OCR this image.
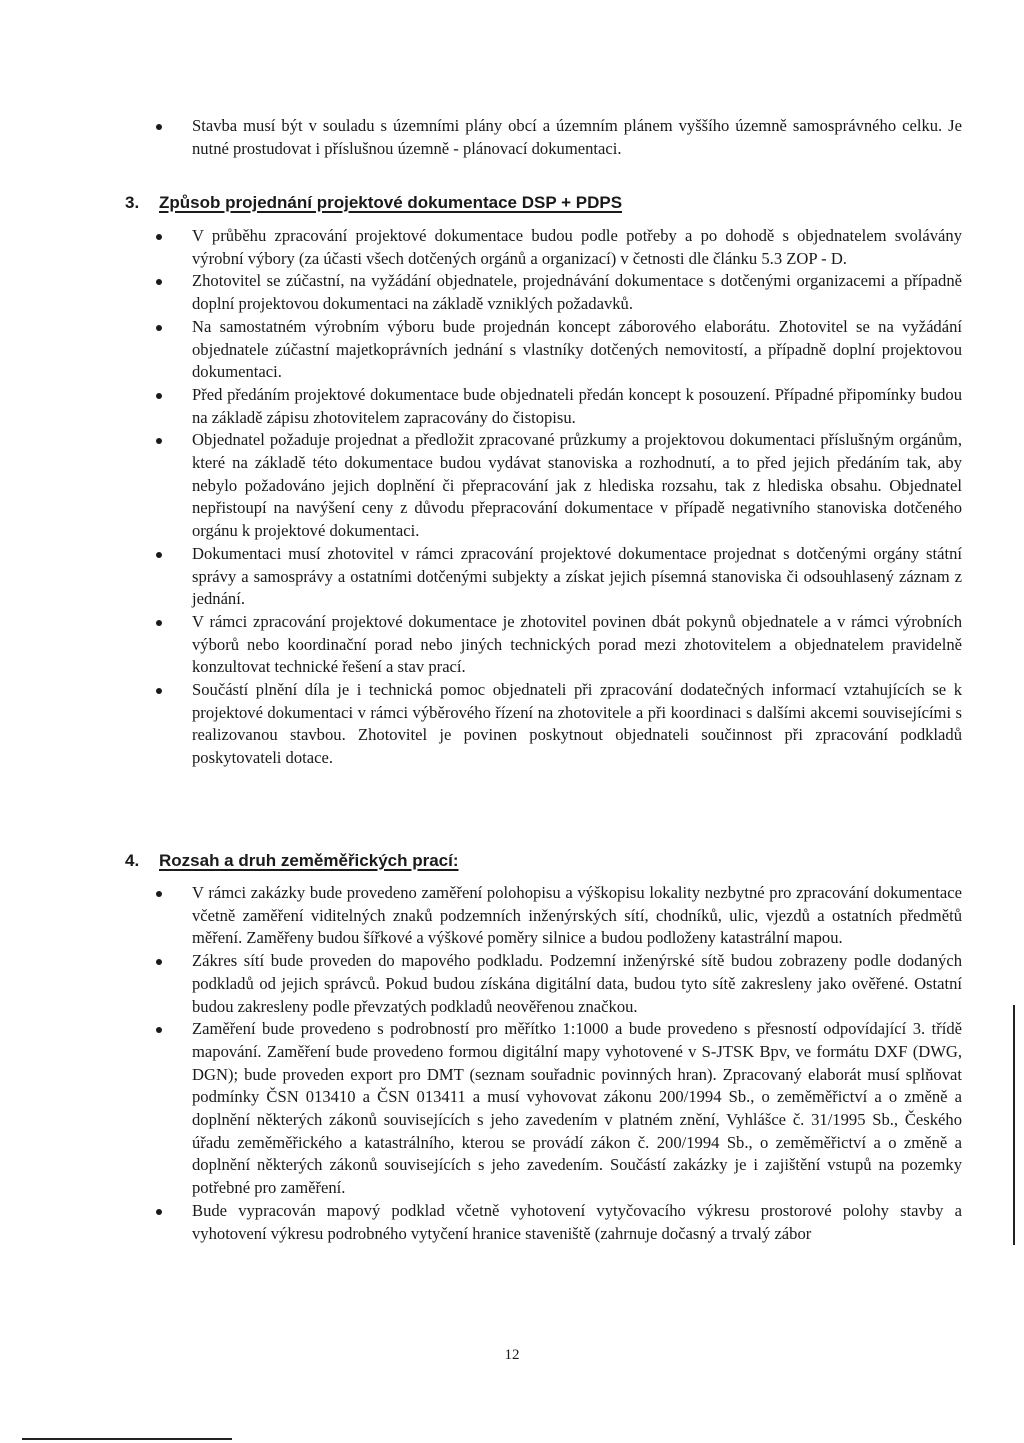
Stavba musí být v souladu s územními plány obcí a územním plánem vyššího územně samosprávného celku. Je nutné prostudovat i příslušnou územně - plánovací dokumentaci.
3. Způsob projednání projektové dokumentace DSP + PDPS
V průběhu zpracování projektové dokumentace budou podle potřeby a po dohodě s objednatelem svolávány výrobní výbory (za účasti všech dotčených orgánů a organizací) v četnosti dle článku 5.3 ZOP - D.
Zhotovitel se zúčastní, na vyžádání objednatele, projednávání dokumentace s dotčenými organizacemi a případně doplní projektovou dokumentaci na základě vzniklých požadavků.
Na samostatném výrobním výboru bude projednán koncept záborového elaborátu. Zhotovitel se na vyžádání objednatele zúčastní majetkoprávních jednání s vlastníky dotčených nemovitostí, a případně doplní projektovou dokumentaci.
Před předáním projektové dokumentace bude objednateli předán koncept k posouzení. Případné připomínky budou na základě zápisu zhotovitelem zapracovány do čistopisu.
Objednatel požaduje projednat a předložit zpracované průzkumy a projektovou dokumentaci příslušným orgánům, které na základě této dokumentace budou vydávat stanoviska a rozhodnutí, a to před jejich předáním tak, aby nebylo požadováno jejich doplnění či přepracování jak z hlediska rozsahu, tak z hlediska obsahu. Objednatel nepřistoupí na navýšení ceny z důvodu přepracování dokumentace v případě negativního stanoviska dotčeného orgánu k projektové dokumentaci.
Dokumentaci musí zhotovitel v rámci zpracování projektové dokumentace projednat s dotčenými orgány státní správy a samosprávy a ostatními dotčenými subjekty a získat jejich písemná stanoviska či odsouhlasený záznam z jednání.
V rámci zpracování projektové dokumentace je zhotovitel povinen dbát pokynů objednatele a v rámci výrobních výborů nebo koordinační porad nebo jiných technických porad mezi zhotovitelem a objednatelem pravidelně konzultovat technické řešení a stav prací.
Součástí plnění díla je i technická pomoc objednateli při zpracování dodatečných informací vztahujících se k projektové dokumentaci v rámci výběrového řízení na zhotovitele a při koordinaci s dalšími akcemi souvisejícími s realizovanou stavbou. Zhotovitel je povinen poskytnout objednateli součinnost při zpracování podkladů poskytovateli dotace.
4. Rozsah a druh zeměměřických prací:
V rámci zakázky bude provedeno zaměření polohopisu a výškopisu lokality nezbytné pro zpracování dokumentace včetně zaměření viditelných znaků podzemních inženýrských sítí, chodníků, ulic, vjezdů a ostatních předmětů měření. Zaměřeny budou šířkové a výškové poměry silnice a budou podloženy katastrální mapou.
Zákres sítí bude proveden do mapového podkladu. Podzemní inženýrské sítě budou zobrazeny podle dodaných podkladů od jejich správců. Pokud budou získána digitální data, budou tyto sítě zakresleny jako ověřené. Ostatní budou zakresleny podle převzatých podkladů neověřenou značkou.
Zaměření bude provedeno s podrobností pro měřítko 1:1000 a bude provedeno s přesností odpovídající 3. třídě mapování. Zaměření bude provedeno formou digitální mapy vyhotovené v S-JTSK Bpv, ve formátu DXF (DWG, DGN); bude proveden export pro DMT (seznam souřadnic povinných hran). Zpracovaný elaborát musí splňovat podmínky ČSN 013410 a ČSN 013411 a musí vyhovovat zákonu 200/1994 Sb., o zeměměřictví a o změně a doplnění některých zákonů souvisejících s jeho zavedením v platném znění, Vyhlášce č. 31/1995 Sb., Českého úřadu zeměměřického a katastrálního, kterou se provádí zákon č. 200/1994 Sb., o zeměměřictví a o změně a doplnění některých zákonů souvisejících s jeho zavedením. Součástí zakázky je i zajištění vstupů na pozemky potřebné pro zaměření.
Bude vypracován mapový podklad včetně vyhotovení vytyčovacího výkresu prostorové polohy stavby a vyhotovení výkresu podrobného vytyčení hranice staveniště (zahrnuje dočasný a trvalý zábor
12
